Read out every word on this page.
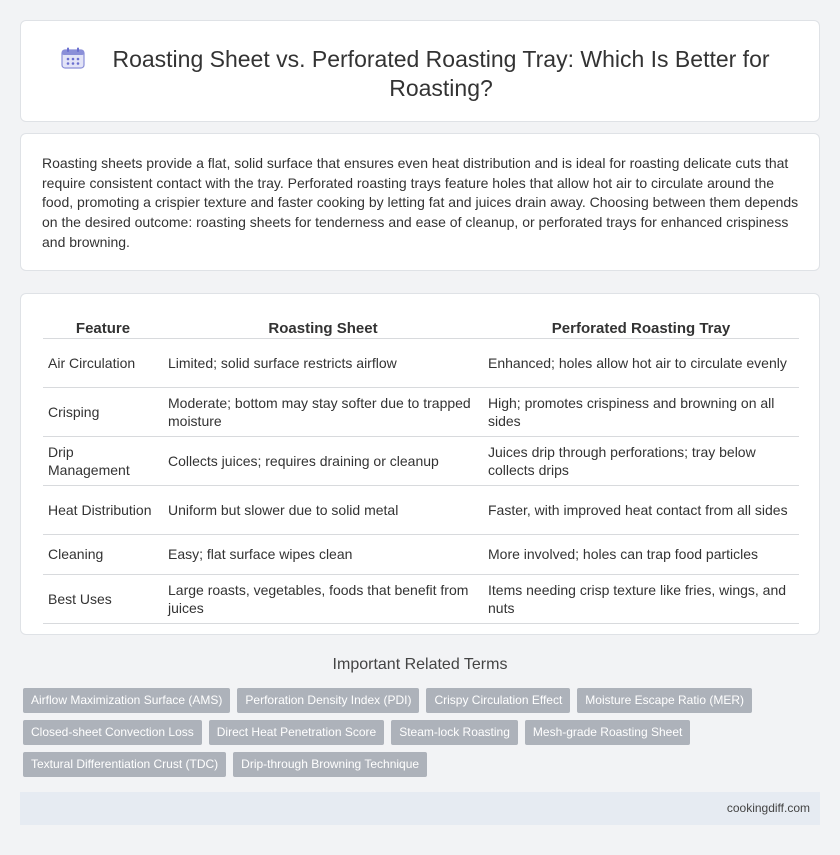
Roasting Sheet vs. Perforated Roasting Tray: Which Is Better for Roasting?

Roasting sheets provide a flat, solid surface that ensures even heat distribution and is ideal for roasting delicate cuts that require consistent contact with the tray. Perforated roasting trays feature holes that allow hot air to circulate around the food, promoting a crispier texture and faster cooking by letting fat and juices drain away. Choosing between them depends on the desired outcome: roasting sheets for tenderness and ease of cleanup, or perforated trays for enhanced crispiness and browning.

Feature	Roasting Sheet	Perforated Roasting Tray
Air Circulation	Limited; solid surface restricts airflow	Enhanced; holes allow hot air to circulate evenly
Crisping	Moderate; bottom may stay softer due to trapped moisture	High; promotes crispiness and browning on all sides
Drip Management	Collects juices; requires draining or cleanup	Juices drip through perforations; tray below collects drips
Heat Distribution	Uniform but slower due to solid metal	Faster, with improved heat contact from all sides
Cleaning	Easy; flat surface wipes clean	More involved; holes can trap food particles
Best Uses	Large roasts, vegetables, foods that benefit from juices	Items needing crisp texture like fries, wings, and nuts
Important Related Terms
Airflow Maximization Surface (AMS)	Perforation Density Index (PDI)	Crispy Circulation Effect	Moisture Escape Ratio (MER)
Closed-sheet Convection Loss	Direct Heat Penetration Score	Steam-lock Roasting	Mesh-grade Roasting Sheet
Textural Differentiation Crust (TDC)	Drip-through Browning Technique
cookingdiff.com
